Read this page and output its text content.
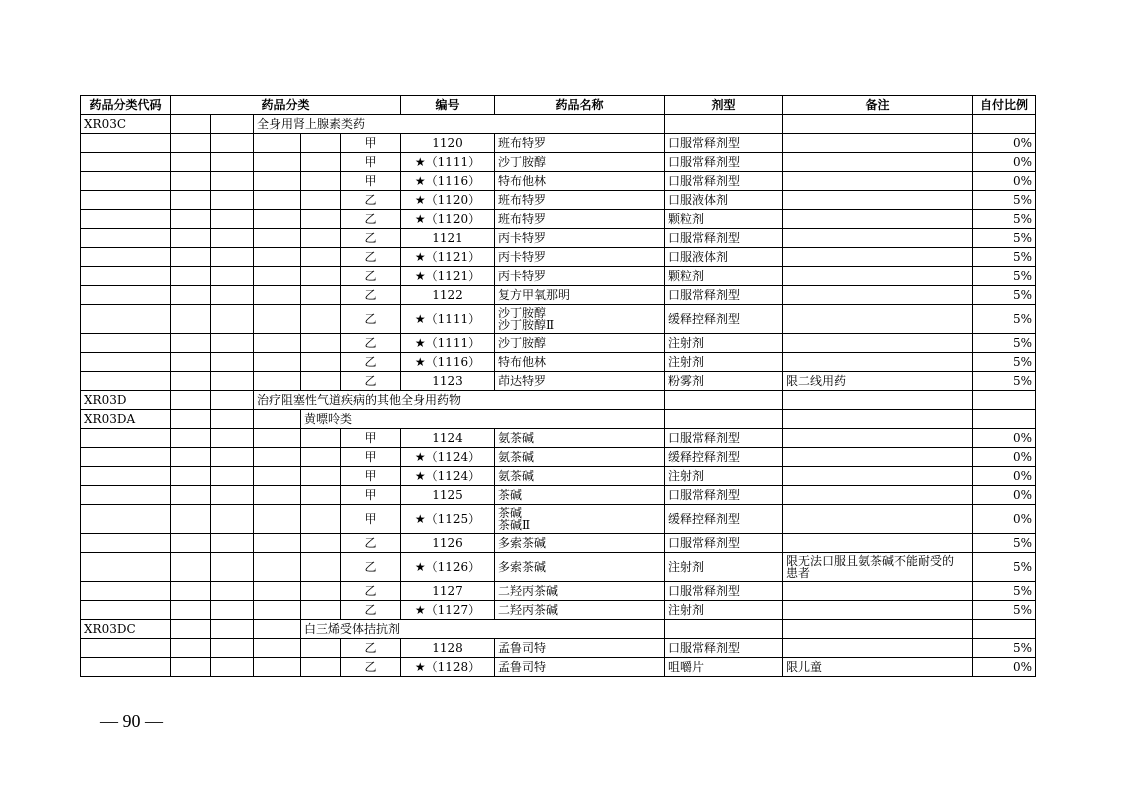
药品分类代码	药品分类					编号	药品名称	剂型	备注	自付比例	
XR03C			全身用肾上腺素类药								
					甲	1120	班布特罗	口服常释剂型		0%	
					甲	★（1111）	沙丁胺醇	口服常释剂型		0%	
					甲	★（1116）	特布他林	口服常释剂型		0%	
					乙	★（1120）	班布特罗	口服液体剂		5%	
					乙	★（1120）	班布特罗	颗粒剂		5%	
					乙	1121	丙卡特罗	口服常释剂型		5%	
					乙	★（1121）	丙卡特罗	口服液体剂		5%	
					乙	★（1121）	丙卡特罗	颗粒剂		5%	
					乙	1122	复方甲氧那明	口服常释剂型		5%	
					乙	★（1111）	沙丁胺醇
沙丁胺醇Ⅱ	缓释控释剂型		5%	
					乙	★（1111）	沙丁胺醇	注射剂		5%	
					乙	★（1116）	特布他林	注射剂		5%	
					乙	1123	茚达特罗	粉雾剂	限二线用药	5%	
XR03D			治疗阻塞性气道疾病的其他全身用药物								
XR03DA				黄嘌呤类							
					甲	1124	氨茶碱	口服常释剂型		0%	
					甲	★（1124）	氨茶碱	缓释控释剂型		0%	
					甲	★（1124）	氨茶碱	注射剂		0%	
					甲	1125	茶碱	口服常释剂型		0%	
					甲	★（1125）	茶碱
茶碱Ⅱ	缓释控释剂型		0%	
					乙	1126	多索茶碱	口服常释剂型		5%	
					乙	★（1126）	多索茶碱	注射剂	限无法口服且氨茶碱不能耐受的
患者	5%	
					乙	1127	二羟丙茶碱	口服常释剂型		5%	
					乙	★（1127）	二羟丙茶碱	注射剂		5%	
XR03DC				白三烯受体拮抗剂							
					乙	1128	孟鲁司特	口服常释剂型		5%	
					乙	★（1128）	孟鲁司特	咀嚼片	限儿童	0%	
— 90 —
